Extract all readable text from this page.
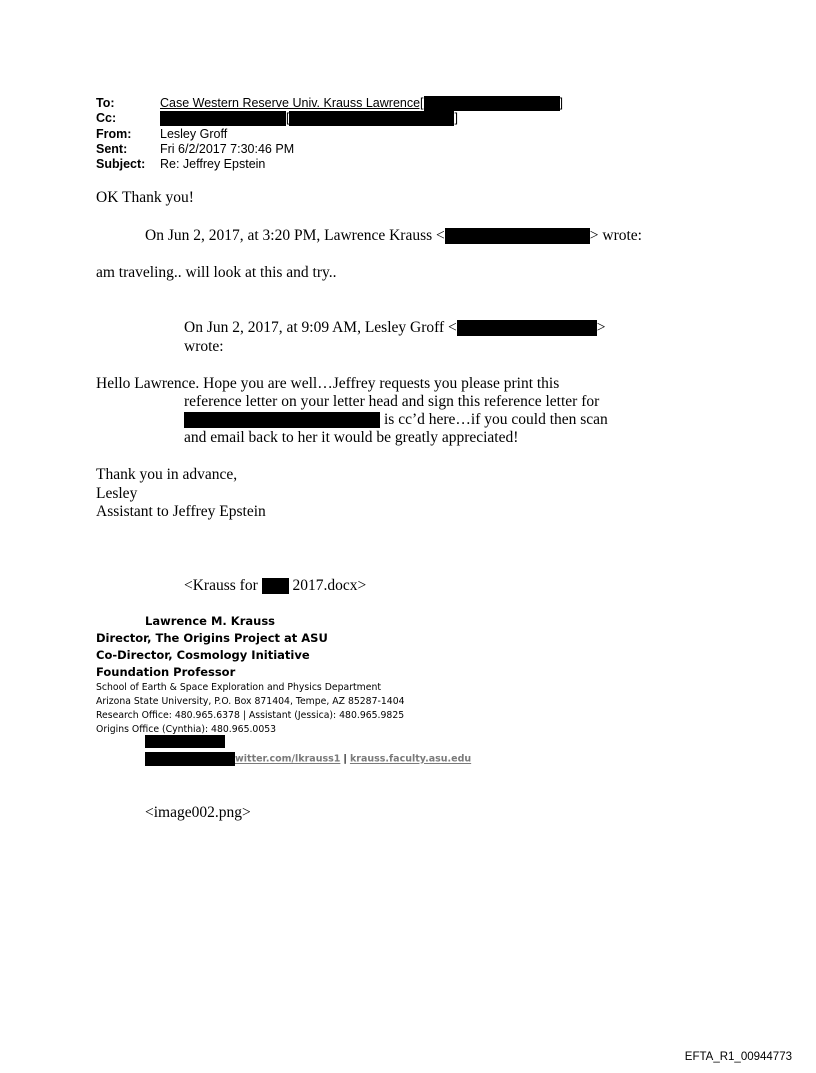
To:	Case Western Reserve Univ. Krauss Lawrence[	]
Cc:	[	]
From: Lesley Groff
Sent:	Fri 6/2/2017 7:30:46 PM
Subject: Re: Jeffrey Epstein
OK Thank you!
On Jun 2, 2017, at 3:20 PM, Lawrence Krauss <	> wrote:
am traveling.. will look at this and try..
On Jun 2, 2017, at 9:09 AM, Lesley Groff <	>
wrote:
Hello Lawrence. Hope you are well…Jeffrey requests you please print this
reference letter on your letter head and sign this reference letter for
is cc’d here…if you could then scan
and email back to her it would be greatly appreciated!
Thank you in advance,
Lesley
Assistant to Jeffrey Epstein
<Krauss for 2017.docx>
Lawrence M. Krauss
Director, The Origins Project at ASU
Co-Director, Cosmology Initiative
Foundation Professor
School of Earth & Space Exploration and Physics Department
Arizona State University, P.O. Box 871404, Tempe, AZ 85287-1404
Research Office: 480.965.6378 | Assistant (Jessica): 480.965.9825
Origins Office (Cynthia): 480.965.0053
witter.com/lkrauss1 | krauss.faculty.asu.edu
<image002.png>
EFTA_R1_00944773
